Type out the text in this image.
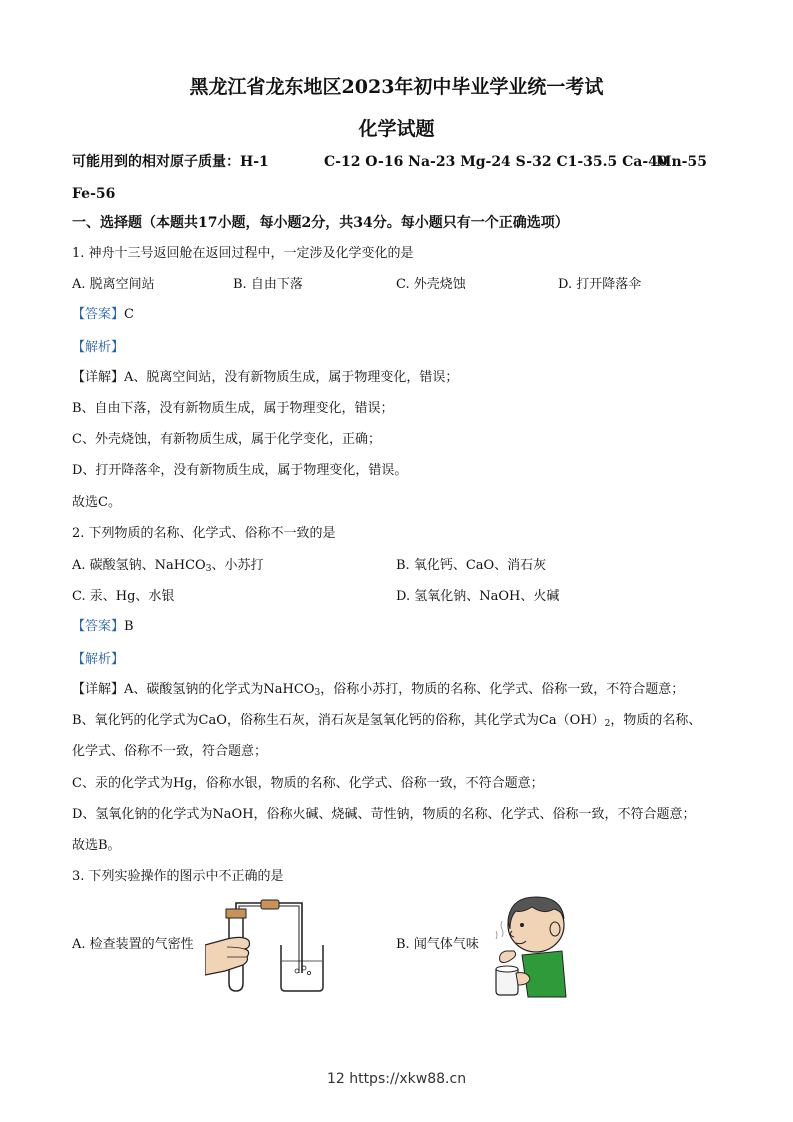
黑龙江省龙东地区2023年初中毕业学业统一考试
化学试题
可能用到的相对原子质量：H-1	C-12 O-16 Na-23 Mg-24 S-32 C1-35.5 Ca-40
Mn-55
Fe-56
一、选择题（本题共17小题，每小题2分，共34分。每小题只有一个正确选项）
1. 神舟十三号返回舱在返回过程中，一定涉及化学变化的是
A. 脱离空间站	B. 自由下落	C. 外壳烧蚀	D. 打开降落伞
【答案】C
【解析】
【详解】A、脱离空间站，没有新物质生成，属于物理变化，错误；
B、自由下落，没有新物质生成，属于物理变化，错误；
C、外壳烧蚀，有新物质生成，属于化学变化，正确；
D、打开降落伞，没有新物质生成，属于物理变化，错误。
故选C。
2. 下列物质的名称、化学式、俗称不一致的是
A. 碳酸氢钠、NaHCO$_3$、小苏打	B. 氧化钙、CaO、消石灰
C. 汞、Hg、水银	D. 氢氧化钠、NaOH、火碱
【答案】B
【解析】
【详解】A、碳酸氢钠的化学式为NaHCO$_3$，俗称小苏打，物质的名称、化学式、俗称一致，不符合题意；
B、氧化钙的化学式为CaO，俗称生石灰，消石灰是氢氧化钙的俗称，其化学式为$Ca(OH)_2$，物质的名称、
化学式、俗称不一致，符合题意；
C、汞的化学式为Hg，俗称水银，物质的名称、化学式、俗称一致，不符合题意；
D、氢氧化钠的化学式为NaOH，俗称火碱、烧碱、苛性钠，物质的名称、化学式、俗称一致，不符合题意；
故选B。
3. 下列实验操作的图示中不正确的是
A. 检查装置的气密性	B. 闻气体气味
12 https://xkw88.cn
